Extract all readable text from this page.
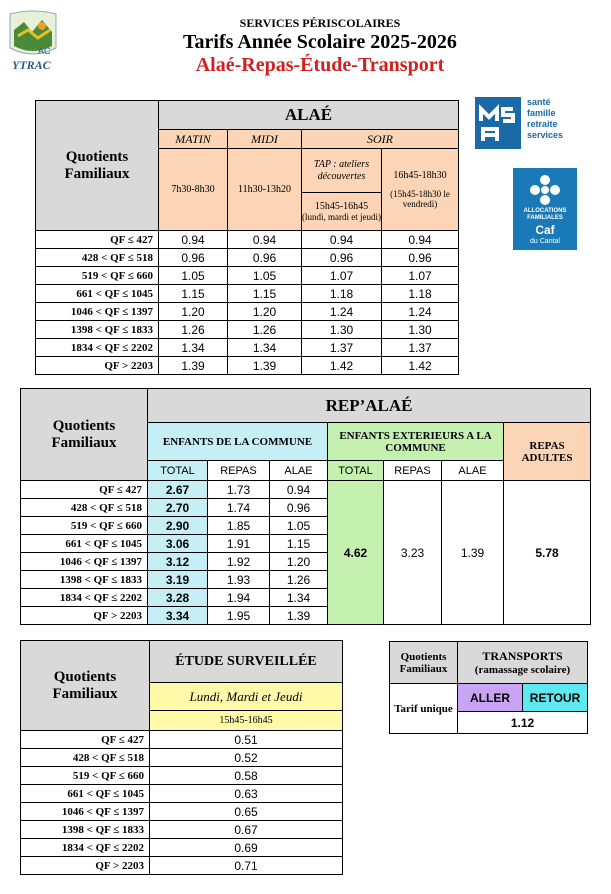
AC
YTRAC
SERVICES PÉRISCOLAIRES
Tarifs Année Scolaire 2025-2026
Alaé-Repas-Étude-Transport
santé
famille
retraite
services
ALLOCATIONS
FAMILIALES
Caf
du Cantal
Quotients Familiaux	ALAÉ			
	MATIN	MIDI	SOIR	
	7h30-8h30	11h30-13h20	TAP : ateliers découvertes	16h45-18h30
(15h45-18h30 le vendredi)

			15h45-16h45
(lundi, mardi et jeudi)	

QF ≤ 427	0.94	0.94	0.94	0.94
428 < QF ≤ 518	0.96	0.96	0.96	0.96
519 < QF ≤ 660	1.05	1.05	1.07	1.07
661 < QF ≤ 1045	1.15	1.15	1.18	1.18
1046 < QF ≤ 1397	1.20	1.20	1.24	1.24
1398 < QF ≤ 1833	1.26	1.26	1.30	1.30
1834 < QF ≤ 2202	1.34	1.34	1.37	1.37
QF > 2203	1.39	1.39	1.42	1.42
Quotients Familiaux	REP’ALAÉ						
	ENFANTS DE LA COMMUNE			ENFANTS EXTERIEURS A LA COMMUNE			REPAS ADULTES
	TOTAL	REPAS	ALAE	TOTAL	REPAS	ALAE	
QF ≤ 427	2.67	1.73	0.94	4.62	3.23	1.39	5.78
428 < QF ≤ 518	2.70	1.74	0.96				
519 < QF ≤ 660	2.90	1.85	1.05				
661 < QF ≤ 1045	3.06	1.91	1.15				
1046 < QF ≤ 1397	3.12	1.92	1.20				
1398 < QF ≤ 1833	3.19	1.93	1.26				
1834 < QF ≤ 2202	3.28	1.94	1.34				
QF > 2203	3.34	1.95	1.39				
Quotients Familiaux	ÉTUDE SURVEILLÉE
	Lundi, Mardi et Jeudi
	15h45-16h45
QF ≤ 427	0.51
428 < QF ≤ 518	0.52
519 < QF ≤ 660	0.58
661 < QF ≤ 1045	0.63
1046 < QF ≤ 1397	0.65
1398 < QF ≤ 1833	0.67
1834 < QF ≤ 2202	0.69
QF > 2203	0.71
Quotients Familiaux	TRANSPORTS
(ramassage scolaire)	

Tarif unique	ALLER	RETOUR
	1.12	
